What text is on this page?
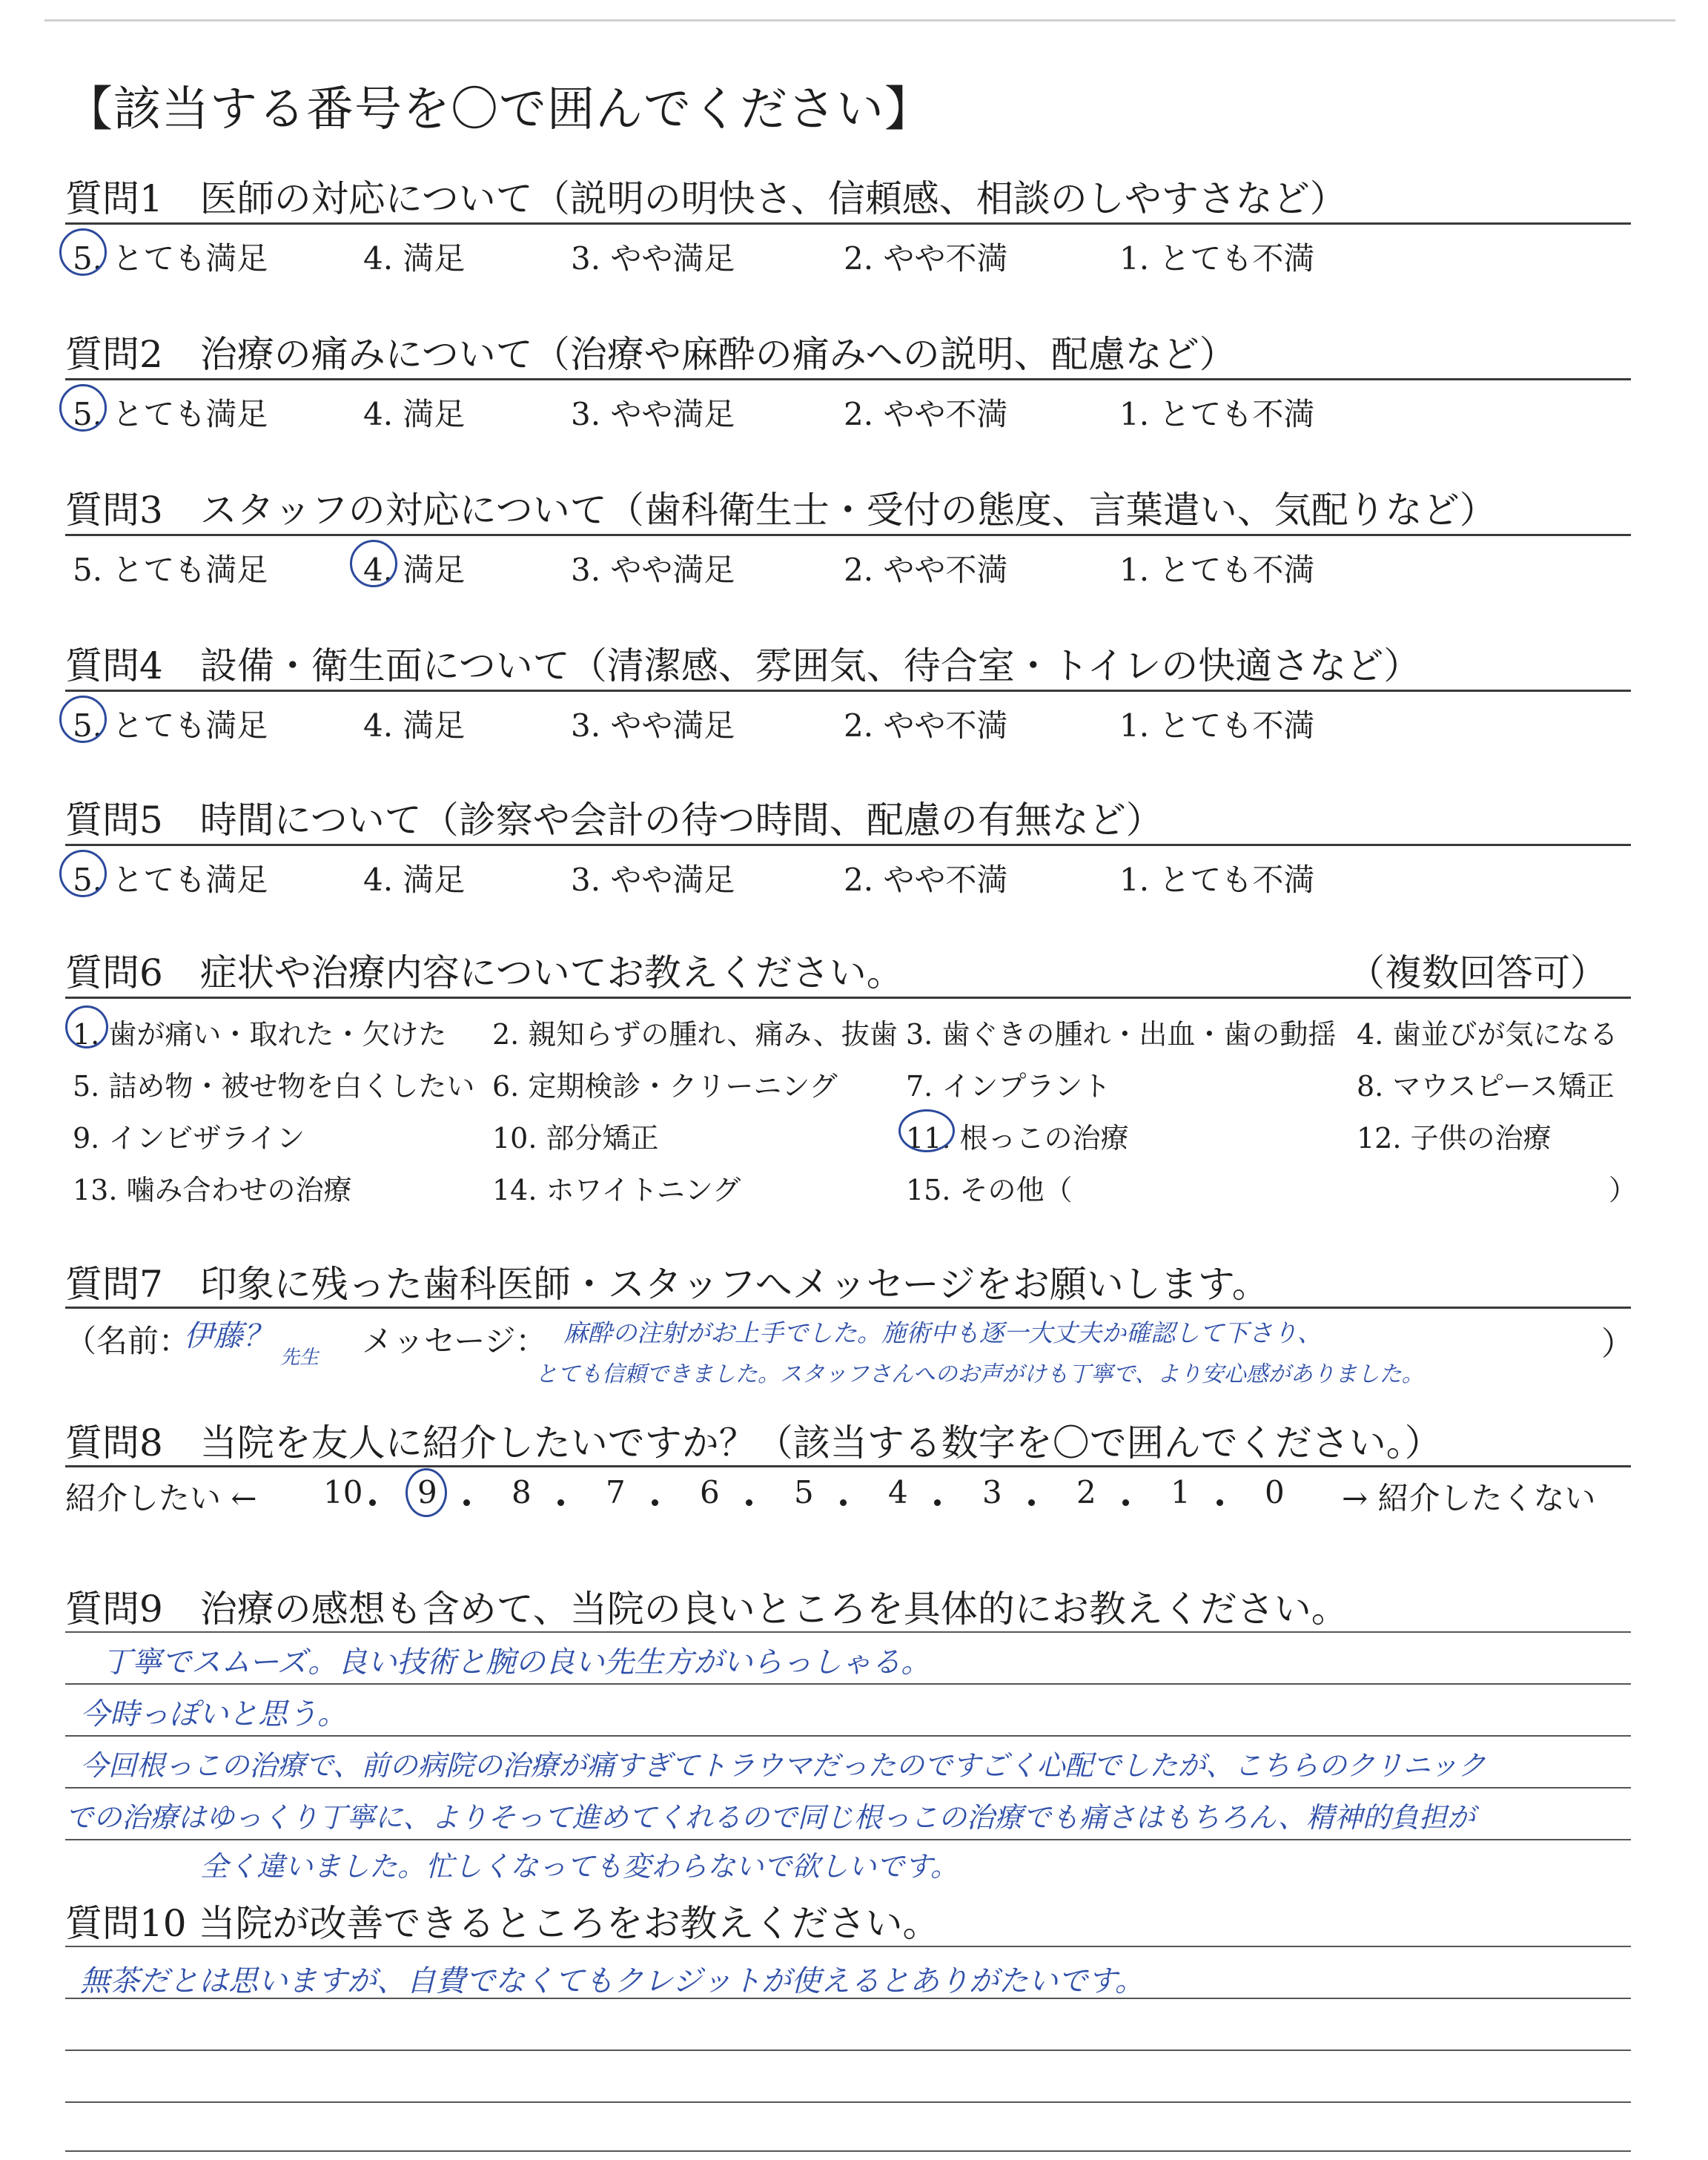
【該当する番号を〇で囲んでください】
質問1　医師の対応について（説明の明快さ、信頼感、相談のしやすさなど）
5. とても満足	4. 満足	3. やや満足	2. やや不満	1. とても不満
質問2　治療の痛みについて（治療や麻酔の痛みへの説明、配慮など）
5. とても満足	4. 満足	3. やや満足	2. やや不満	1. とても不満
質問3　スタッフの対応について（歯科衛生士・受付の態度、言葉遣い、気配りなど）
5. とても満足	4. 満足	3. やや満足	2. やや不満	1. とても不満
質問4　設備・衛生面について（清潔感、雰囲気、待合室・トイレの快適さなど）
5. とても満足	4. 満足	3. やや満足	2. やや不満	1. とても不満
質問5　時間について（診察や会計の待つ時間、配慮の有無など）
5. とても満足	4. 満足	3. やや満足	2. やや不満	1. とても不満
質問6　症状や治療内容についてお教えください。	（複数回答可）
1. 歯が痛い・取れた・欠けた 2. 親知らずの腫れ、痛み、抜歯 3. 歯ぐきの腫れ・出血・歯の動揺 4. 歯並びが気になる
5. 詰め物・被せ物を白くしたい 6. 定期検診・クリーニング 7. インプラント	8. マウスピース矯正
9. インビザライン	10. 部分矯正	11. 根っこの治療	12. 子供の治療
13. 噛み合わせの治療	14. ホワイトニング	15. その他（	）
質問7　印象に残った歯科医師・スタッフへメッセージをお願いします。
（名前：
伊藤？
先生 メッセージ： 麻酔の注射がお上手でした。施術中も逐一大丈夫か確認して下さり、
とても信頼できました。スタッフさんへのお声がけも丁寧で、より安心感がありました。
）
質問8　当院を友人に紹介したいですか？（該当する数字を〇で囲んでください。）
紹介したい ←	→ 紹介したくない
10 9 8 7 6 5 4 3 2 1 0
質問9　治療の感想も含めて、当院の良いところを具体的にお教えください。
丁寧でスムーズ。良い技術と腕の良い先生方がいらっしゃる。
今時っぽいと思う。
今回根っこの治療で、前の病院の治療が痛すぎてトラウマだったのですごく心配でしたが、こちらのクリニック
での治療はゆっくり丁寧に、よりそって進めてくれるので同じ根っこの治療でも痛さはもちろん、精神的負担が
全く違いました。忙しくなっても変わらないで欲しいです。
質問10 当院が改善できるところをお教えください。
無茶だとは思いますが、自費でなくてもクレジットが使えるとありがたいです。
